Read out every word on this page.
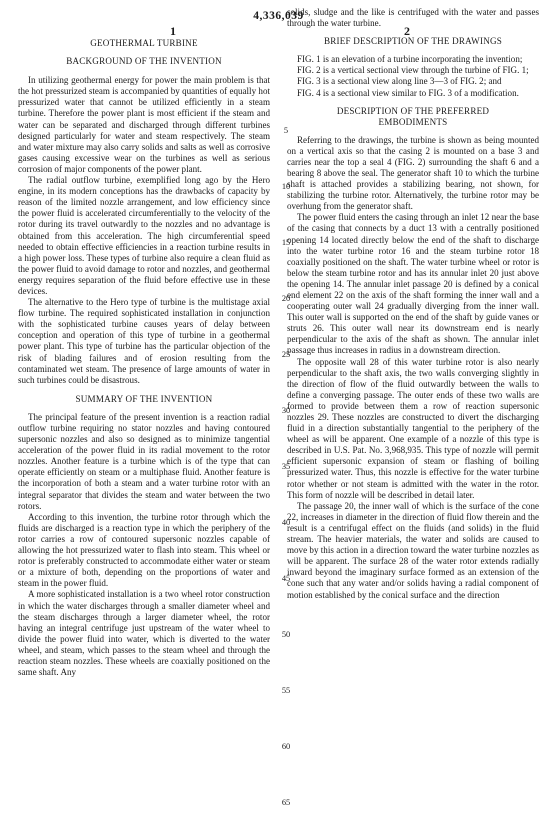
4,336,039
1	2
GEOTHERMAL TURBINE
BACKGROUND OF THE INVENTION

In utilizing geothermal energy for power the main problem is that the hot pressurized steam is accompanied by quantities of equally hot pressurized water that cannot be utilized efficiently in a steam turbine. Therefore the power plant is most efficient if the steam and water can be separated and discharged through different turbines designed particularly for water and steam respectively. The steam and water mixture may also carry solids and salts as well as corrosive gases causing excessive wear on the turbines as well as serious corrosion of major components of the power plant.

The radial outflow turbine, exemplified long ago by the Hero engine, in its modern conceptions has the drawbacks of capacity by reason of the limited nozzle arrangement, and low efficiency since the power fluid is accelerated circumferentially to the velocity of the rotor during its travel outwardly to the nozzles and no advantage is obtained from this acceleration. The high circumferential speed needed to obtain effective efficiencies in a reaction turbine results in a high power loss. These types of turbine also require a clean fluid as the power fluid to avoid damage to rotor and nozzles, and geothermal energy requires separation of the fluid before effective use in these devices.

The alternative to the Hero type of turbine is the multistage axial flow turbine. The required sophisticated installation in conjunction with the sophisticated turbine causes years of delay between conception and operation of this type of turbine in a geothermal power plant. This type of turbine has the particular objection of the risk of blading failures and of erosion resulting from the contaminated wet steam. The presence of large amounts of water in such turbines could be disastrous.

SUMMARY OF THE INVENTION

The principal feature of the present invention is a reaction radial outflow turbine requiring no stator nozzles and having contoured supersonic nozzles and also so designed as to minimize tangential acceleration of the power fluid in its radial movement to the rotor nozzles. Another feature is a turbine which is of the type that can operate efficiently on steam or a multiphase fluid. Another feature is the incorporation of both a steam and a water turbine rotor with an integral separator that divides the steam and water between the two rotors.

According to this invention, the turbine rotor through which the fluids are discharged is a reaction type in which the periphery of the rotor carries a row of contoured supersonic nozzles capable of allowing the hot pressurized water to flash into steam. This wheel or rotor is preferably constructed to accommodate either water or steam or a mixture of both, depending on the proportions of water and steam in the power fluid.

A more sophisticated installation is a two wheel rotor construction in which the water discharges through a smaller diameter wheel and the steam discharges through a larger diameter wheel, the rotor having an integral centrifuge just upstream of the water wheel to divide the power fluid into water, which is diverted to the water wheel, and steam, which passes to the steam wheel and through the reaction steam nozzles. These wheels are coaxially positioned on the same shaft. Any

solids, sludge and the like is centrifuged with the water and passes through the water turbine.

BRIEF DESCRIPTION OF THE DRAWINGS

FIG. 1 is an elevation of a turbine incorporating the invention;

FIG. 2 is a vertical sectional view through the turbine of FIG. 1;

FIG. 3 is a sectional view along line 3—3 of FIG. 2; and

FIG. 4 is a sectional view similar to FIG. 3 of a modification.

DESCRIPTION OF THE PREFERRED
EMBODIMENTS

Referring to the drawings, the turbine is shown as being mounted on a vertical axis so that the casing 2 is mounted on a base 3 and carries near the top a seal 4 (FIG. 2) surrounding the shaft 6 and a bearing 8 above the seal. The generator shaft 10 to which the turbine shaft is attached provides a stabilizing bearing, not shown, for stabilizing the turbine rotor. Alternatively, the turbine rotor may be overhung from the generator shaft.

The power fluid enters the casing through an inlet 12 near the base of the casing that connects by a duct 13 with a centrally positioned opening 14 located directly below the end of the shaft to discharge into the water turbine rotor 16 and the steam turbine rotor 18 coaxially positioned on the shaft. The water turbine wheel or rotor is below the steam turbine rotor and has its annular inlet 20 just above the opening 14. The annular inlet passage 20 is defined by a conical end element 22 on the axis of the shaft forming the inner wall and a cooperating outer wall 24 gradually diverging from the inner wall. This outer wall is supported on the end of the shaft by guide vanes or struts 26. This outer wall near its downstream end is nearly perpendicular to the axis of the shaft as shown. The annular inlet passage thus increases in radius in a downstream direction.

The opposite wall 28 of this water turbine rotor is also nearly perpendicular to the shaft axis, the two walls converging slightly in the direction of flow of the fluid outwardly between the walls to define a converging passage. The outer ends of these two walls are formed to provide between them a row of reaction supersonic nozzles 29. These nozzles are constructed to divert the discharging fluid in a direction substantially tangential to the periphery of the wheel as will be apparent. One example of a nozzle of this type is described in U.S. Pat. No. 3,968,935. This type of nozzle will permit efficient supersonic expansion of steam or flashing of boiling pressurized water. Thus, this nozzle is effective for the water turbine rotor whether or not steam is admitted with the water in the rotor. This form of nozzle will be described in detail later.

The passage 20, the inner wall of which is the surface of the cone 22, increases in diameter in the direction of fluid flow therein and the result is a centrifugal effect on the fluids (and solids) in the fluid stream. The heavier materials, the water and solids are caused to move by this action in a direction toward the water turbine nozzles as will be apparent. The surface 28 of the water rotor extends radially inward beyond the imaginary surface formed as an extension of the cone such that any water and/or solids having a radial component of motion established by the conical surface and the direction

5
10
15
20
25
30
35
40
45
50
55
60
65
